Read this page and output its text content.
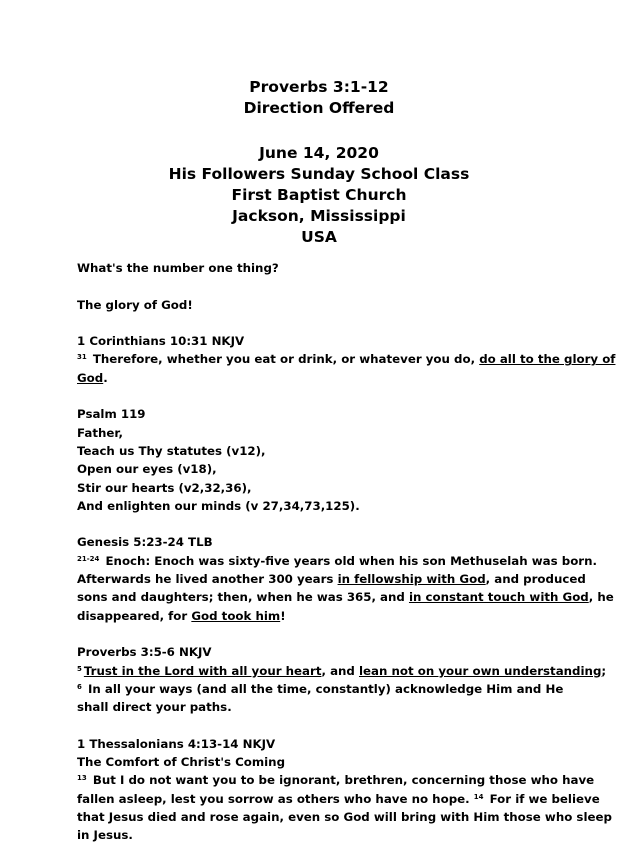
Proverbs 3:1-12
Direction Offered
June 14, 2020
His Followers Sunday School Class
First Baptist Church
Jackson, Mississippi
USA
What's the number one thing?
The glory of God!
1 Corinthians 10:31 NKJV
$^{31}$ Therefore, whether you eat or drink, or whatever you do, do all to the glory of
God.
Psalm 119
Father,
Teach us Thy statutes (v12),
Open our eyes (v18),
Stir our hearts (v2,32,36),
And enlighten our minds (v 27,34,73,125).
Genesis 5:23-24 TLB
$^{21-24}$ Enoch: Enoch was sixty-five years old when his son Methuselah was born.
Afterwards he lived another 300 years in fellowship with God, and produced
sons and daughters; then, when he was 365, and in constant touch with God, he
disappeared, for God took him!
Proverbs 3:5-6 NKJV
$^5$ Trust in the Lord with all your heart, and lean not on your own understanding;
$^6$ In all your ways (and all the time, constantly) acknowledge Him and He
shall direct your paths.
1 Thessalonians 4:13-14 NKJV
The Comfort of Christ's Coming
$^{13}$ But I do not want you to be ignorant, brethren, concerning those who have
fallen asleep, lest you sorrow as others who have no hope. $^{14}$ For if we believe
that Jesus died and rose again, even so God will bring with Him those who sleep
in Jesus.
